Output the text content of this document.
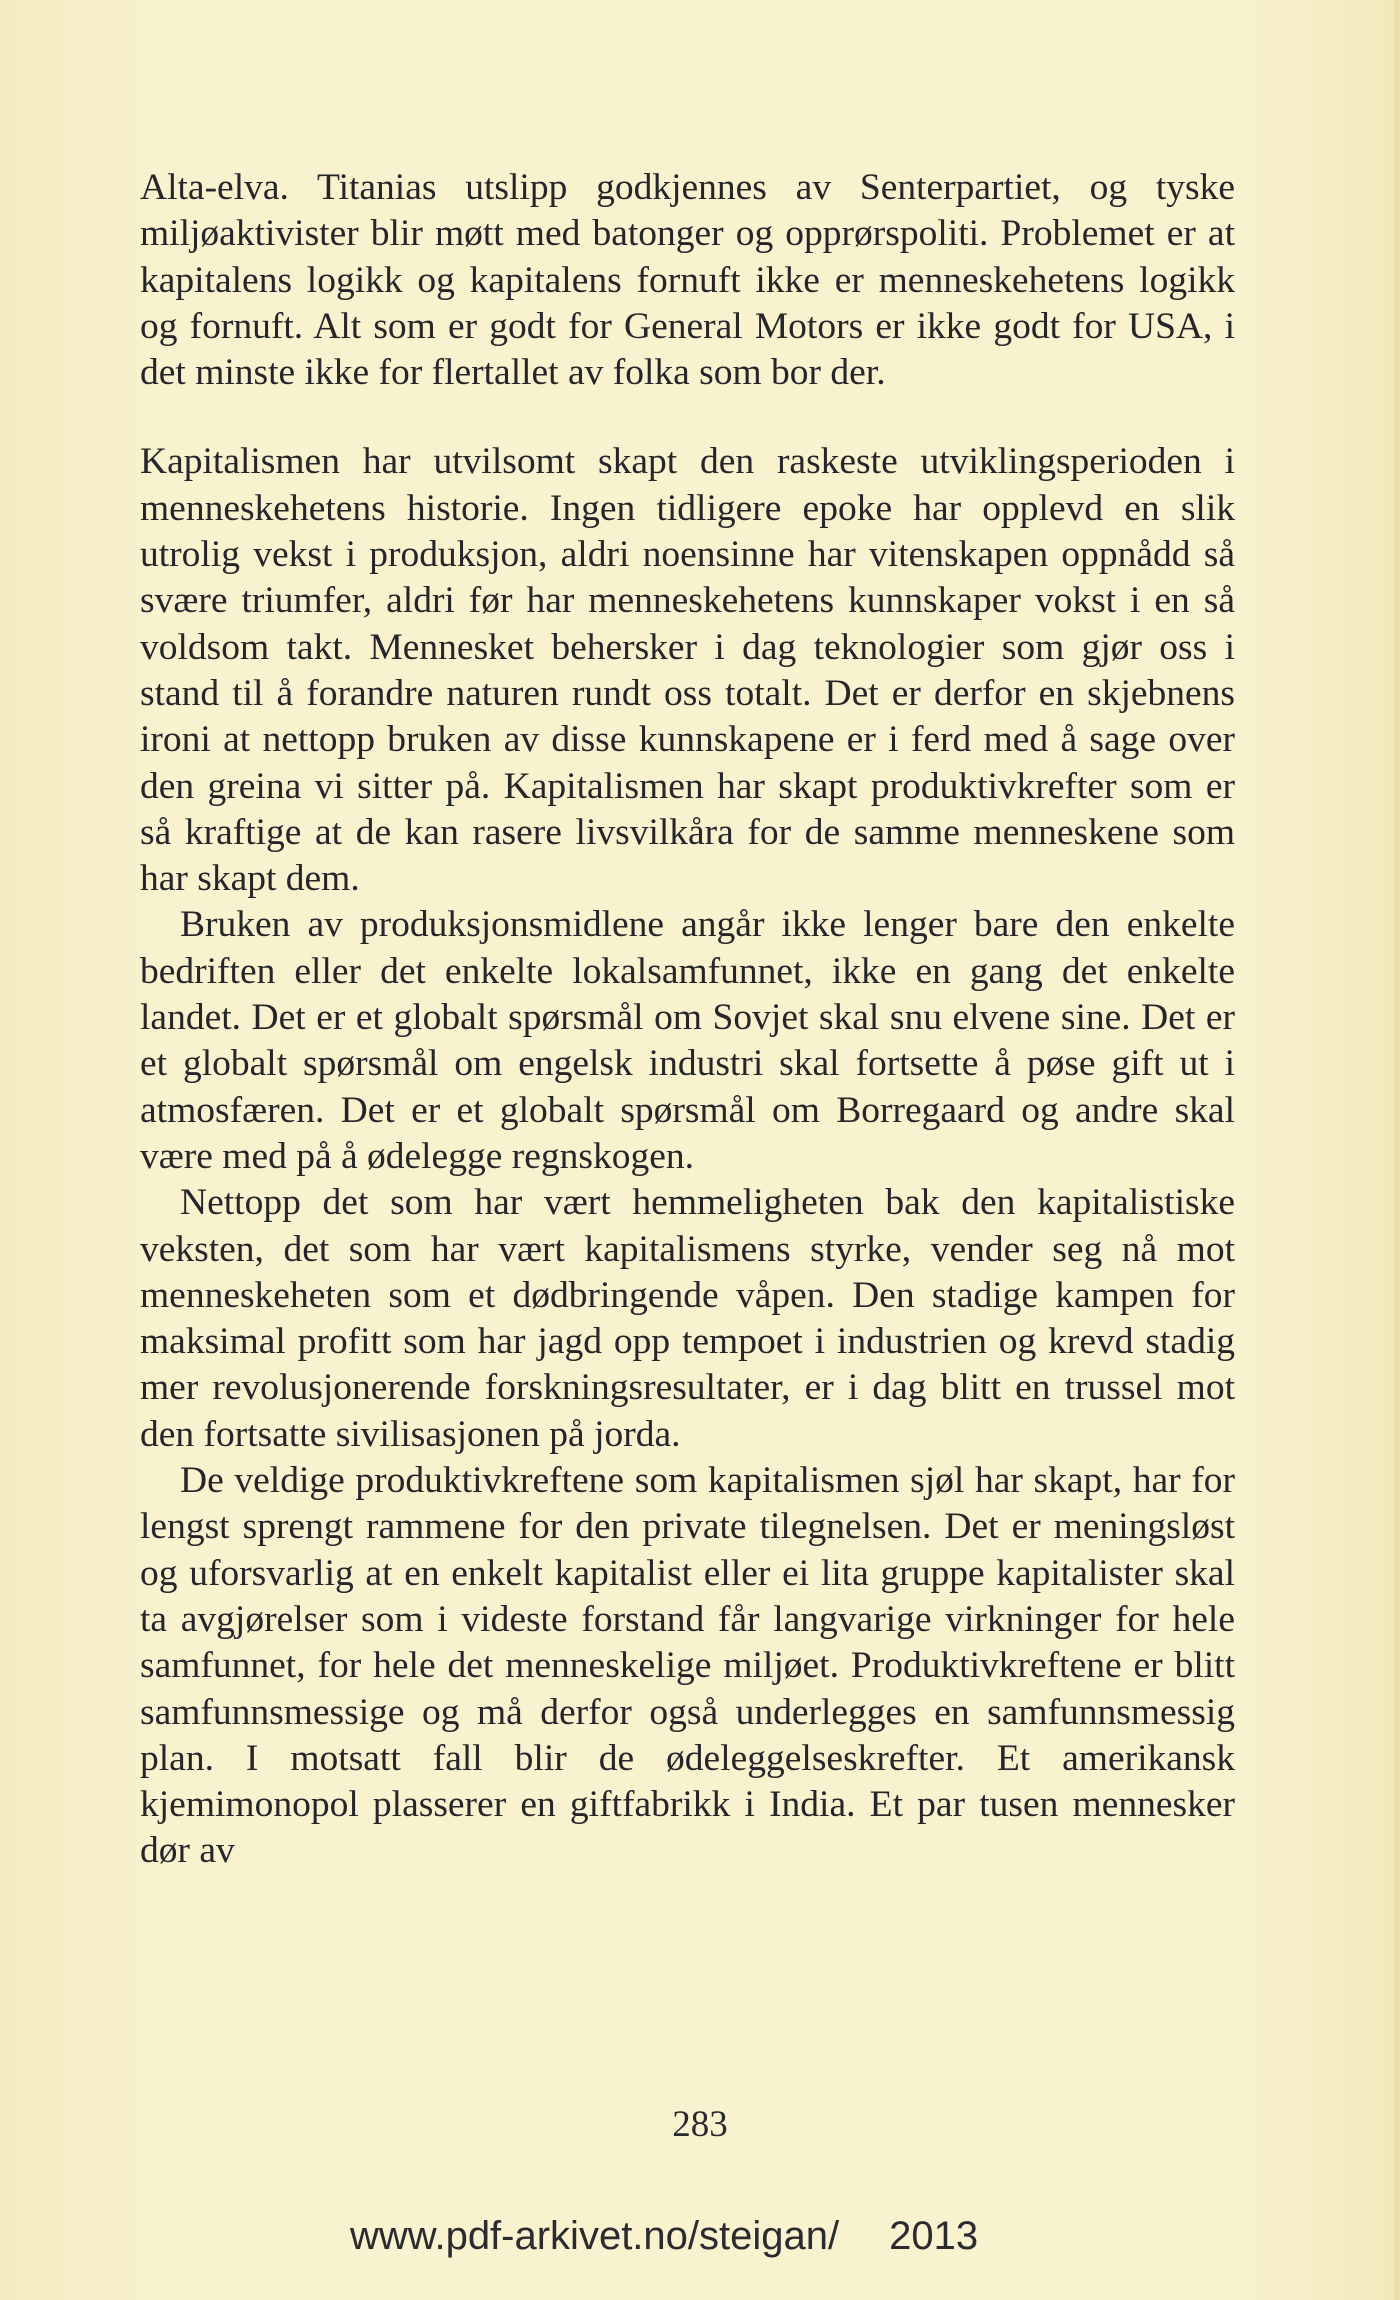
Alta-elva. Titanias utslipp godkjennes av Senterpartiet, og tyske miljøaktivister blir møtt med batonger og opprørspoliti. Problemet er at kapitalens logikk og kapitalens fornuft ikke er menneskehetens logikk og fornuft. Alt som er godt for General Motors er ikke godt for USA, i det minste ikke for flertallet av folka som bor der.

Kapitalismen har utvilsomt skapt den raskeste utviklingsperioden i menneskehetens historie. Ingen tidligere epoke har opplevd en slik utrolig vekst i produksjon, aldri noensinne har vitenskapen oppnådd så svære triumfer, aldri før har menneskehetens kunnskaper vokst i en så voldsom takt. Mennesket behersker i dag teknologier som gjør oss i stand til å forandre naturen rundt oss totalt. Det er derfor en skjebnens ironi at nettopp bruken av disse kunnskapene er i ferd med å sage over den greina vi sitter på. Kapitalismen har skapt produktivkrefter som er så kraftige at de kan rasere livsvilkåra for de samme menneskene som har skapt dem.

Bruken av produksjonsmidlene angår ikke lenger bare den enkelte bedriften eller det enkelte lokalsamfunnet, ikke en gang det enkelte landet. Det er et globalt spørsmål om Sovjet skal snu elvene sine. Det er et globalt spørsmål om engelsk industri skal fortsette å pøse gift ut i atmosfæren. Det er et globalt spørsmål om Borregaard og andre skal være med på å ødelegge regnskogen.

Nettopp det som har vært hemmeligheten bak den kapitalistiske veksten, det som har vært kapitalismens styrke, vender seg nå mot menneskeheten som et dødbringende våpen. Den stadige kampen for maksimal profitt som har jagd opp tempoet i industrien og krevd stadig mer revolusjonerende forskningsresultater, er i dag blitt en trussel mot den fortsatte sivilisasjonen på jorda.

De veldige produktivkreftene som kapitalismen sjøl har skapt, har for lengst sprengt rammene for den private tilegnelsen. Det er meningsløst og uforsvarlig at en enkelt kapitalist eller ei lita gruppe kapitalister skal ta avgjørelser som i videste forstand får langvarige virkninger for hele samfunnet, for hele det menneskelige miljøet. Produktivkreftene er blitt samfunnsmessige og må derfor også underlegges en samfunnsmessig plan. I motsatt fall blir de ødeleggelseskrefter. Et amerikansk kjemimonopol plasserer en giftfabrikk i India. Et par tusen mennesker dør av

283
www.pdf-arkivet.no/steigan/ 2013
